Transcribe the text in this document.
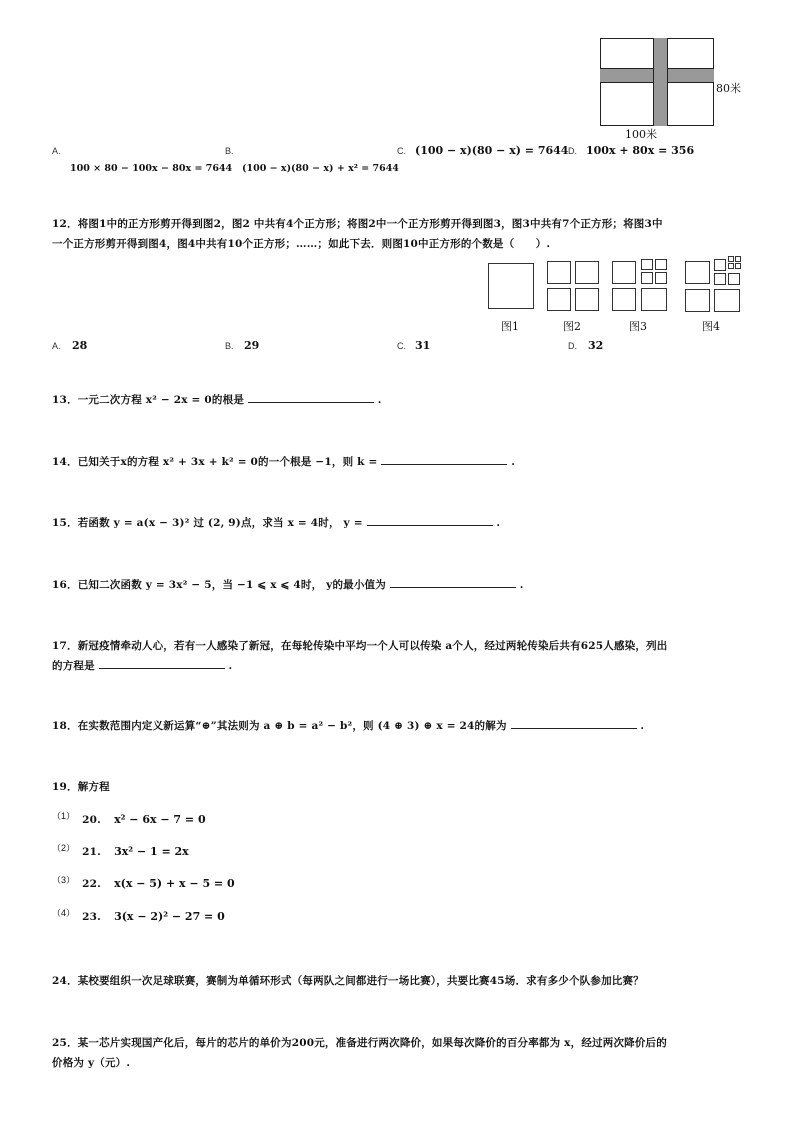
80米
100米
A.
100 × 80 − 100x − 80x = 7644
B.
(100 − x)(80 − x) + x² = 7644
C. (100 − x)(80 − x) = 7644 D. 100x + 80x = 356
12．将图1中的正方形剪开得到图2，图2 中共有4个正方形；将图2中一个正方形剪开得到图3，图3中共有7个正方形；将图3中
一个正方形剪开得到图4，图4中共有10个正方形；……；如此下去．则图10中正方形的个数是（　　）.
图1	图2	图3	图4
A. 28	B. 29	C. 31	D. 32
13．一元二次方程 x² − 2x = 0的根是	.
14．已知关于x的方程 x² + 3x + k² = 0的一个根是 −1，则 k =	.
15．若函数 y = a(x − 3)² 过 (2, 9)点，求当 x = 4时， y =	.
16．已知二次函数 y = 3x² − 5，当 −1 ⩽ x ⩽ 4时， y的最小值为	.
17．新冠疫情牵动人心，若有一人感染了新冠，在每轮传染中平均一个人可以传染 a个人，经过两轮传染后共有625人感染，列出
的方程是	.
18．在实数范围内定义新运算“⊕”其法则为 a ⊕ b = a² − b²，则 (4 ⊕ 3) ⊕ x = 24的解为	.
19．解方程
$^{(1)}$ 20. x² − 6x − 7 = 0
$^{(2)}$ 21. 3x² − 1 = 2x
$^{(3)}$ 22. x(x − 5) + x − 5 = 0
$^{(4)}$ 23. 3(x − 2)² − 27 = 0
24．某校要组织一次足球联赛，赛制为单循环形式（每两队之间都进行一场比赛），共要比赛45场．求有多少个队参加比赛？
25．某一芯片实现国产化后，每片的芯片的单价为200元，准备进行两次降价，如果每次降价的百分率都为 x，经过两次降价后的
价格为 y（元）.
